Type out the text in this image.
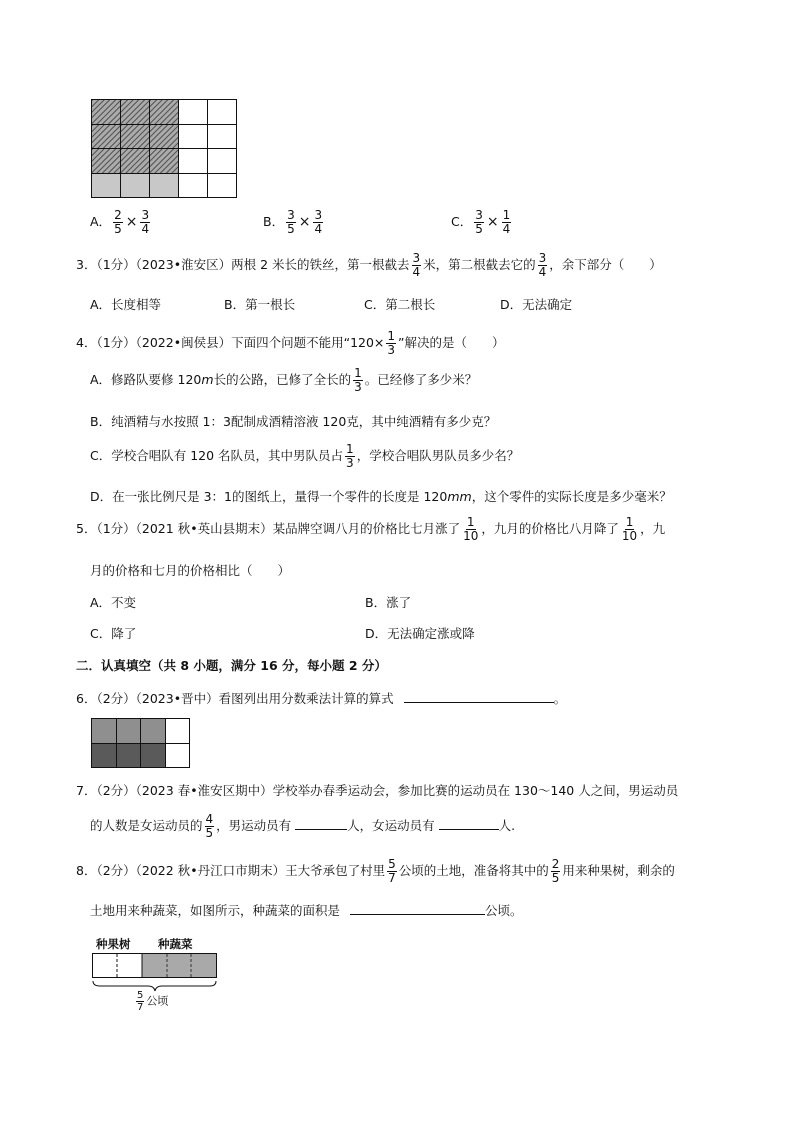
A． $\frac{2}{5} \times \frac{3}{4}$	B． $\frac{3}{5} \times \frac{3}{4}$	C． $\frac{3}{5} \times \frac{1}{4}$
3．（1分）（2023•淮安区）两根 2 米长的铁丝，第一根截去 $\frac{3}{4}$ 米，第二根截去它的 $\frac{3}{4}$ ，余下部分（　　）
A．长度相等	B．第一根长	C．第二根长	D．无法确定
4．（1分）（2022•闽侯县）下面四个问题不能用“$120\times \frac{1}{3}$ ”解决的是（　　）
A．修路队要修 120m长的公路，已修了全长的 $\frac{1}{3}$ 。已经修了多少米？
B．纯酒精与水按照 1：3配制成酒精溶液 120克，其中纯酒精有多少克？
C．学校合唱队有 120 名队员，其中男队员占 $\frac{1}{3}$ ，学校合唱队男队员多少名？
D．在一张比例尺是 3：1的图纸上，量得一个零件的长度是 120mm，这个零件的实际长度是多少毫米？
5．（1分）（2021 秋•英山县期末）某品牌空调八月的价格比七月涨了 $\frac{1}{10}$ ，九月的价格比八月降了 $\frac{1}{10}$ ，九
月的价格和七月的价格相比（　　）
A．不变	B．涨了
C．降了	D．无法确定涨或降
二．认真填空（共 8 小题，满分 16 分，每小题 2 分）
6．（2分）（2023•晋中）看图列出用分数乘法计算的算式	。
7．（2分）（2023 春•淮安区期中）学校举办春季运动会，参加比赛的运动员在 130～140 人之间，男运动员
的人数是女运动员的 $\frac{4}{5}$ ，男运动员有	人，女运动员有	人.
8．（2分）（2022 秋•丹江口市期末）王大爷承包了村里 $\frac{5}{7}$ 公顷的土地，准备将其中的 $\frac{2}{5}$ 用来种果树，剩余的
土地用来种蔬菜，如图所示，种蔬菜的面积是	公顷。
种果树 种蔬菜
$\frac{5}{7}$ 公顷
